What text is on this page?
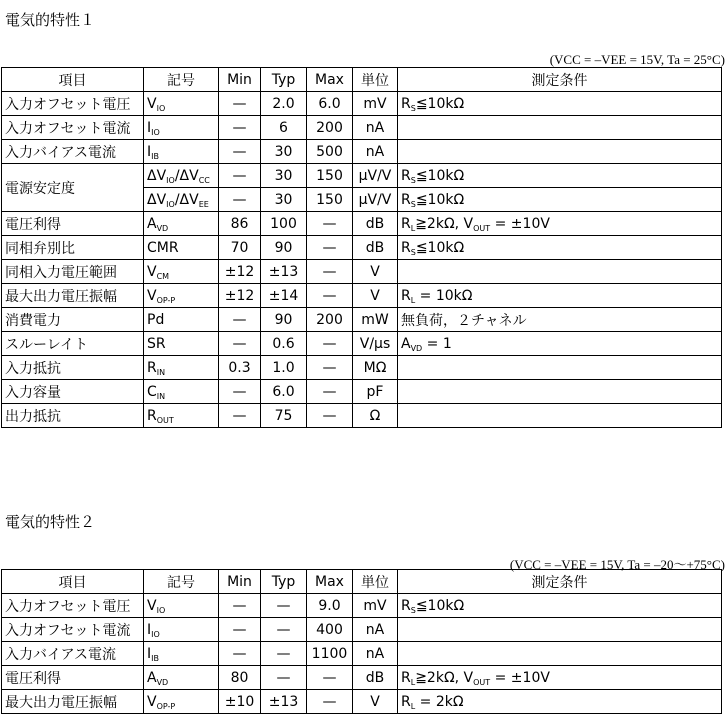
電気的特性１
(VCC = –VEE = 15V, Ta = 25°C)
項目	記号	Min	Typ	Max	単位	測定条件
入力オフセット電圧	$V_{IO}$	—	2.0	6.0	mV	$R_S≦10k\Omega$
入力オフセット電流	$I_{IO}$	—	6	200	nA	
入力バイアス電流	$I_{IB}$	—	30	500	nA	
電源安定度	$\Delta V_{IO}/\Delta V_{CC}$	—	30	150	μV/V	$R_S≦10k\Omega$
	$\Delta V_{IO}/\Delta V_{EE}$	—	30	150	μV/V	$R_S≦10k\Omega$
電圧利得	$A_{VD}$	86	100	—	dB	$R_L≧2k\Omega$, $V_{OUT} = \pm 10V$
同相弁別比	CMR	70	90	—	dB	$R_S≦10k\Omega$
同相入力電圧範囲	$V_{CM}$	±12	±13	—	V	
最大出力電圧振幅	$V_{OP-P}$	±12	±14	—	V	$R_L = 10k\Omega$
消費電力	Pd	—	90	200	mW	無負荷，２チャネル
スルーレイト	SR	—	0.6	—	V/μs	$A_{VD} = 1$
入力抵抗	$R_{IN}$	0.3	1.0	—	MΩ	
入力容量	$C_{IN}$	—	6.0	—	pF	
出力抵抗	$R_{OUT}$	—	75	—	Ω	
電気的特性２
(VCC = –VEE = 15V, Ta = –20～+75°C)
項目	記号	Min	Typ	Max	単位	測定条件
入力オフセット電圧	$V_{IO}$	—	—	9.0	mV	$R_S≦10k\Omega$
入力オフセット電流	$I_{IO}$	—	—	400	nA	
入力バイアス電流	$I_{IB}$	—	—	1100	nA	
電圧利得	$A_{VD}$	80	—	—	dB	$R_L≧2k\Omega$, $V_{OUT} = \pm 10V$
最大出力電圧振幅	$V_{OP-P}$	±10	±13	—	V	$R_L = 2k\Omega$
